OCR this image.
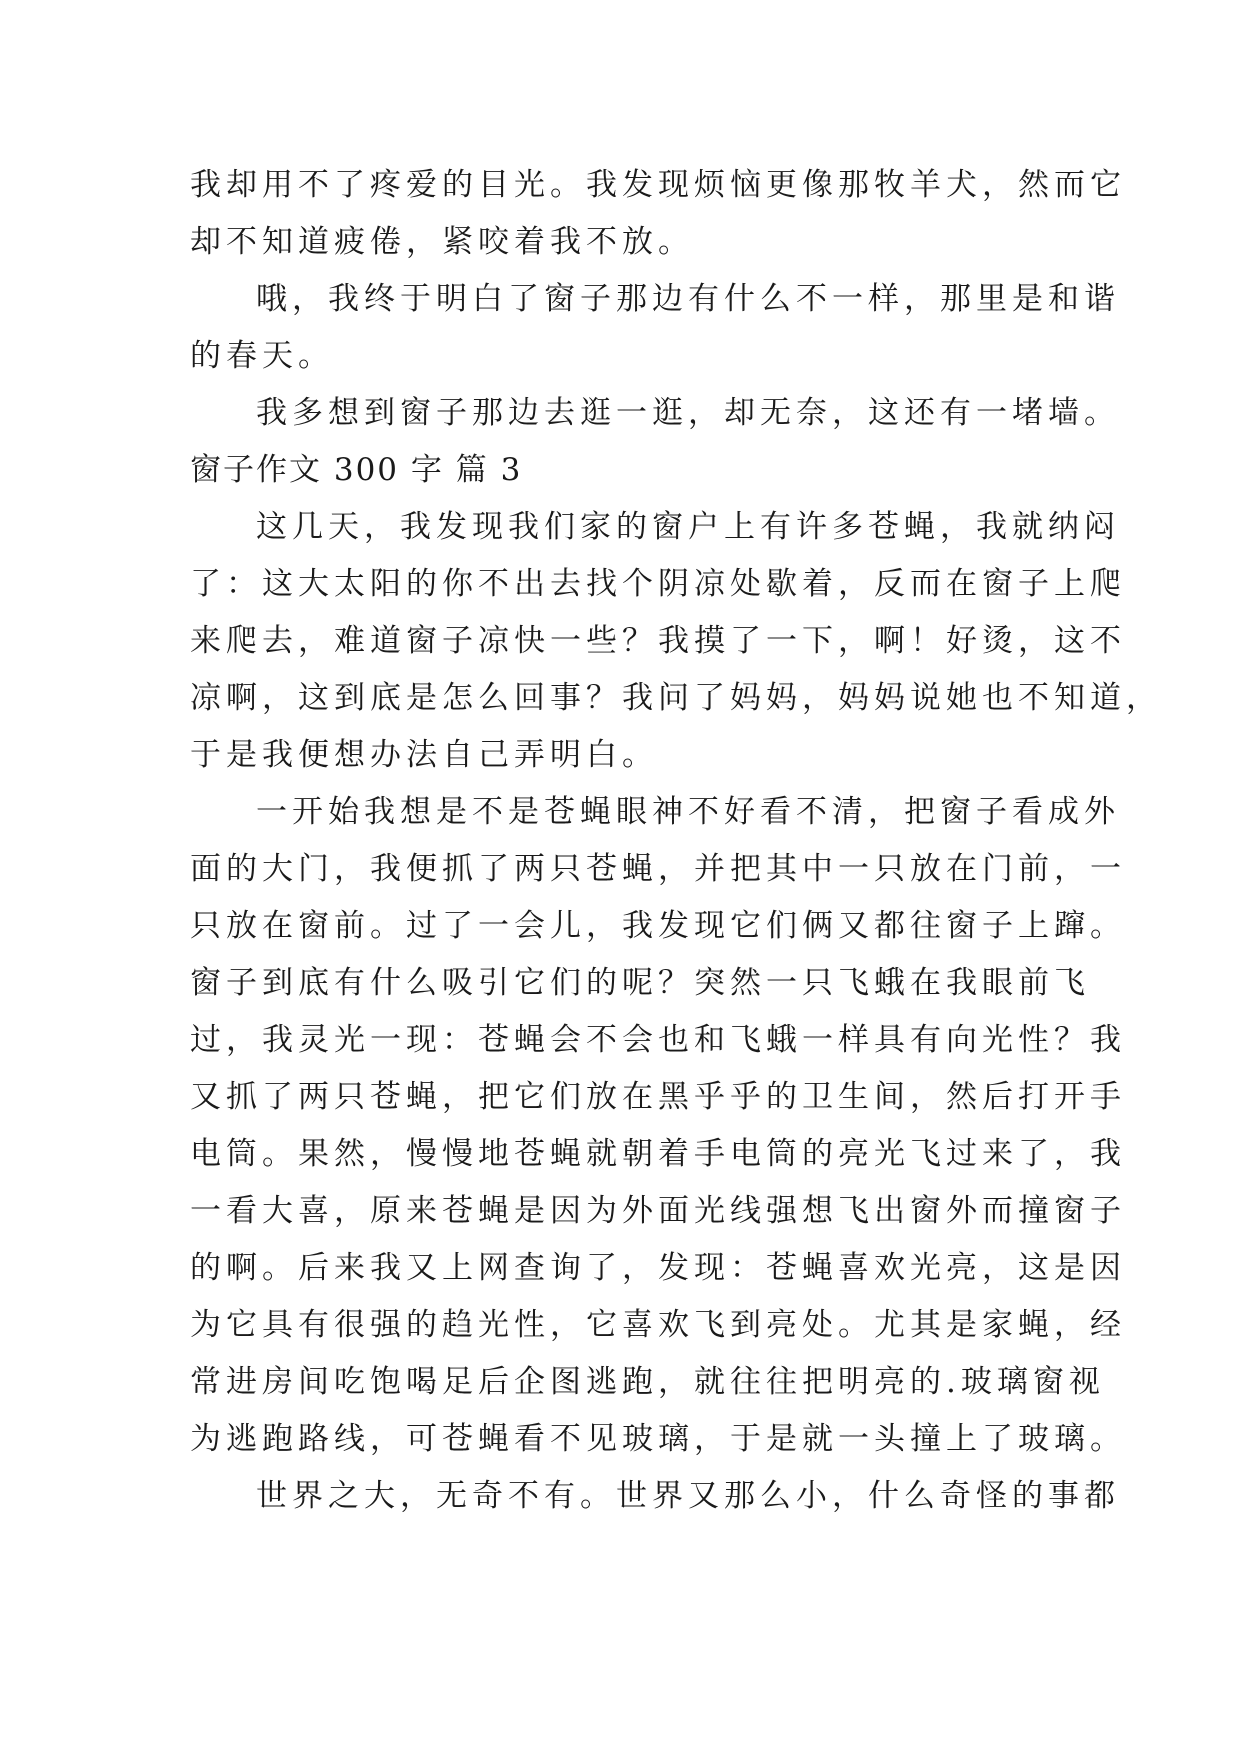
我却用不了疼爱的目光。我发现烦恼更像那牧羊犬，然而它
却不知道疲倦，紧咬着我不放。
哦，我终于明白了窗子那边有什么不一样，那里是和谐
的春天。
我多想到窗子那边去逛一逛，却无奈，这还有一堵墙。
窗子作文 300 字 篇 3
这几天，我发现我们家的窗户上有许多苍蝇，我就纳闷
了：这大太阳的你不出去找个阴凉处歇着，反而在窗子上爬
来爬去，难道窗子凉快一些？我摸了一下，啊！好烫，这不
凉啊，这到底是怎么回事？我问了妈妈，妈妈说她也不知道，
于是我便想办法自己弄明白。
一开始我想是不是苍蝇眼神不好看不清，把窗子看成外
面的大门，我便抓了两只苍蝇，并把其中一只放在门前，一
只放在窗前。过了一会儿，我发现它们俩又都往窗子上蹿。
窗子到底有什么吸引它们的呢？突然一只飞蛾在我眼前飞
过，我灵光一现：苍蝇会不会也和飞蛾一样具有向光性？我
又抓了两只苍蝇，把它们放在黑乎乎的卫生间，然后打开手
电筒。果然，慢慢地苍蝇就朝着手电筒的亮光飞过来了，我
一看大喜，原来苍蝇是因为外面光线强想飞出窗外而撞窗子
的啊。后来我又上网查询了，发现：苍蝇喜欢光亮，这是因
为它具有很强的趋光性，它喜欢飞到亮处。尤其是家蝇，经
常进房间吃饱喝足后企图逃跑，就往往把明亮的.玻璃窗视
为逃跑路线，可苍蝇看不见玻璃，于是就一头撞上了玻璃。
世界之大，无奇不有。世界又那么小，什么奇怪的事都
